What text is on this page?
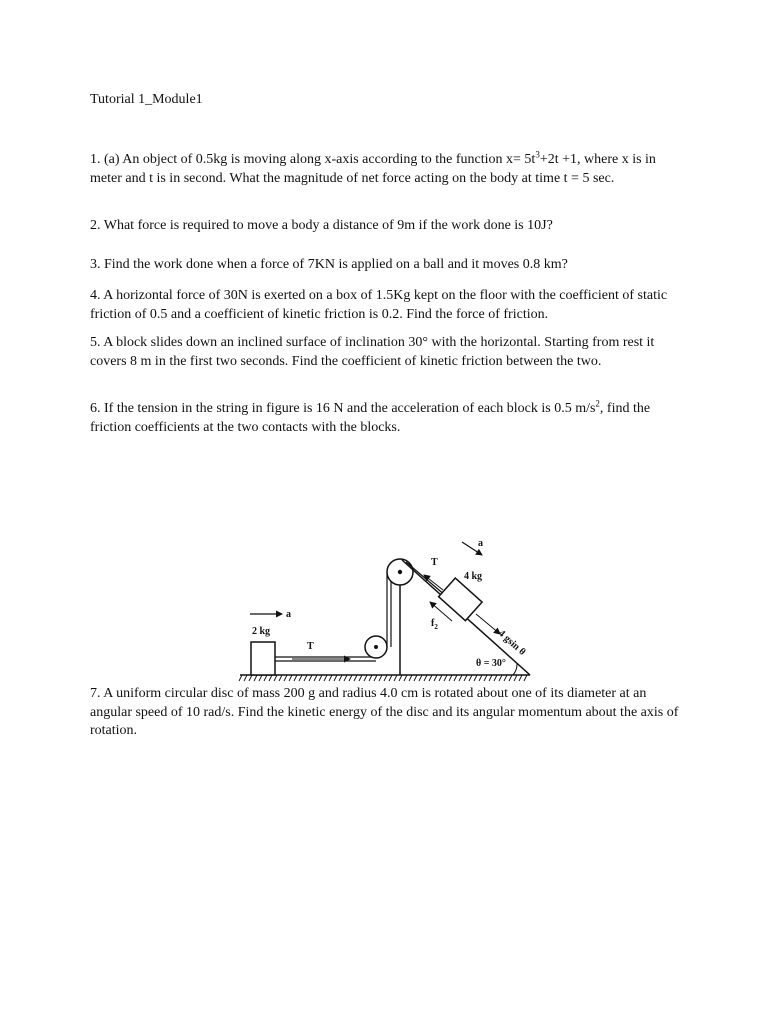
Tutorial 1_Module1

1. (a) An object of 0.5kg is moving along x-axis according to the function $x= 5t^3+2t +1$, where x is in meter and t is in second. What the magnitude of net force acting on the body at time t = 5 sec.

2. What force is required to move a body a distance of 9m if the work done is 10J?

3. Find the work done when a force of 7KN is applied on a ball and it moves 0.8 km?

4. A horizontal force of 30N is exerted on a box of 1.5Kg kept on the floor with the coefficient of static friction of 0.5 and a coefficient of kinetic friction is 0.2. Find the force of friction.

5. A block slides down an inclined surface of inclination 30° with the horizontal. Starting from rest it covers 8 m in the first two seconds. Find the coefficient of kinetic friction between the two.

6. If the tension in the string in figure is 16 N and the acceleration of each block is 0.5 $m/s^2$, find the friction coefficients at the two contacts with the blocks.

a
2 kg
T
T
a
4 kg
$f_2$
4 gsin θ
θ = 30°

7. A uniform circular disc of mass 200 g and radius 4.0 cm is rotated about one of its diameter at an angular speed of 10 rad/s. Find the kinetic energy of the disc and its angular momentum about the axis of rotation.
